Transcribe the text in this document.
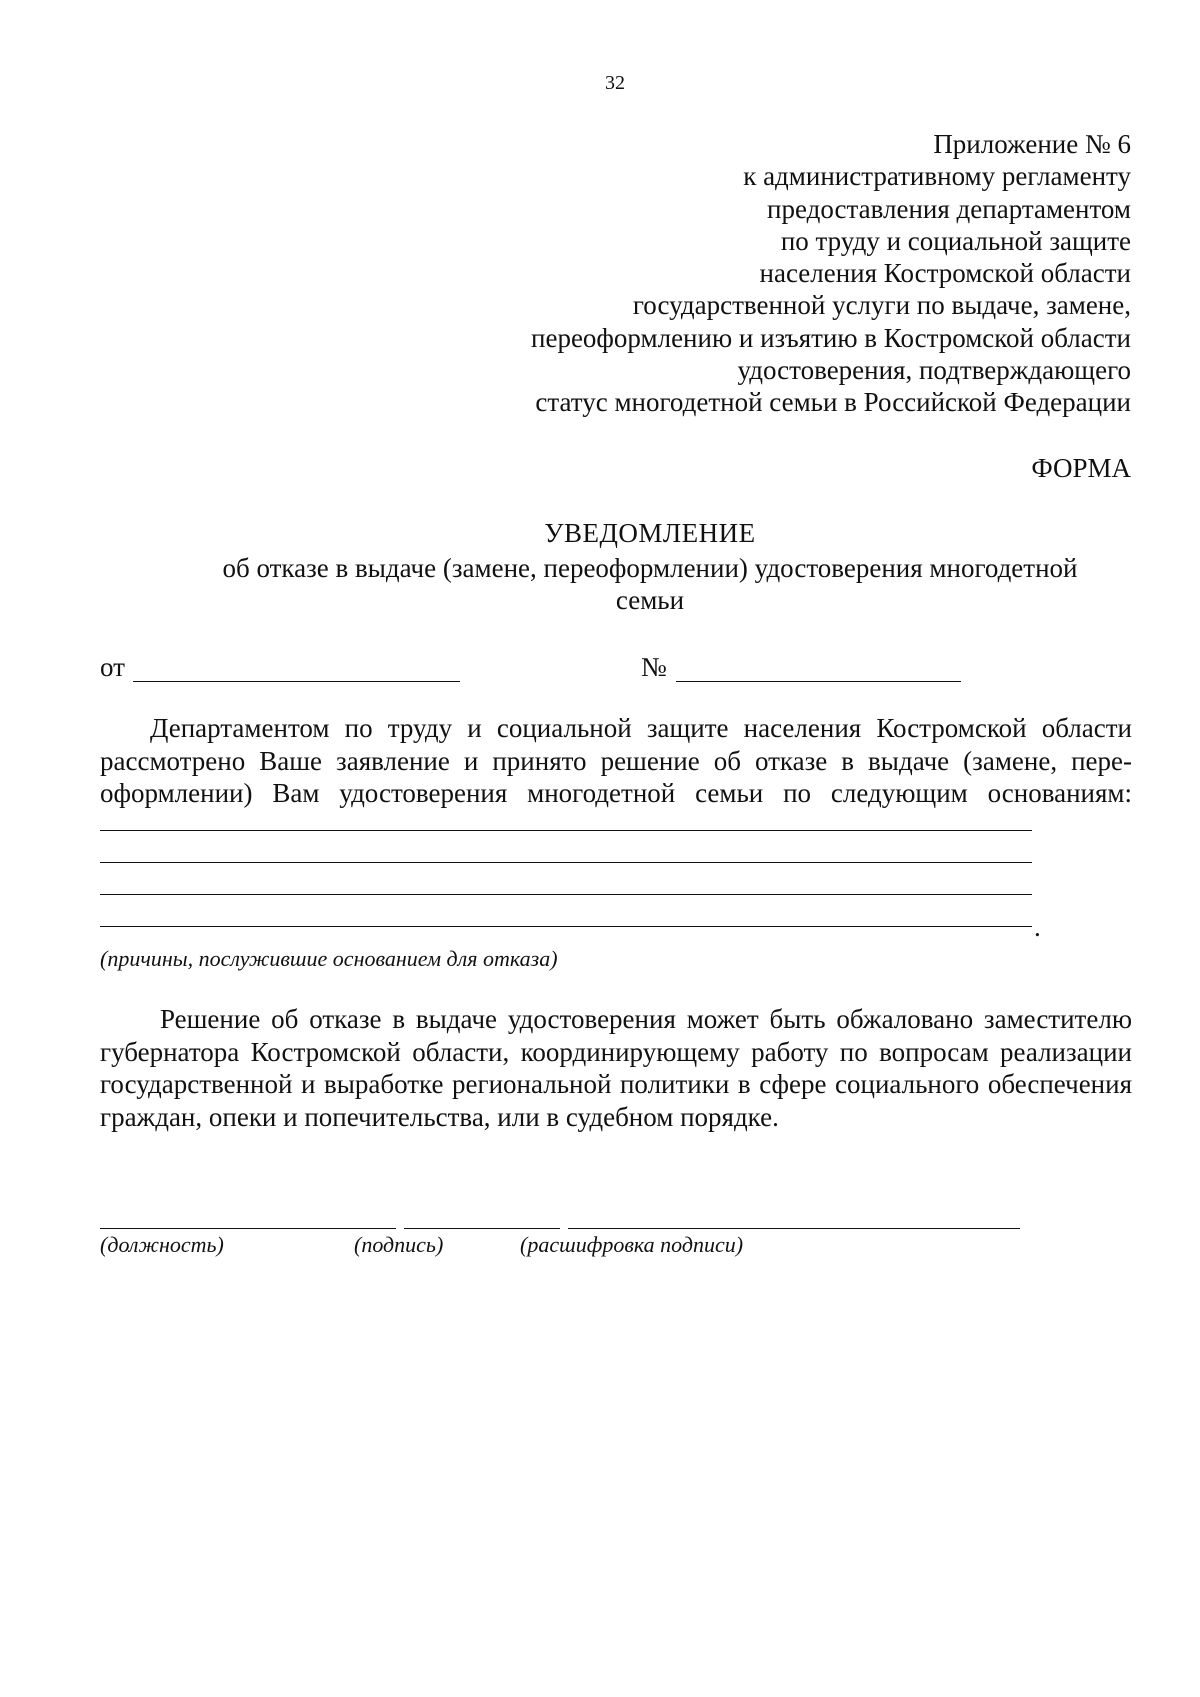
32
Приложение № 6
к административному регламенту
предоставления департаментом
по труду и социальной защите
населения Костромской области
государственной услуги по выдаче, замене,
переоформлению и изъятию в Костромской области
удостоверения, подтверждающего
статус многодетной семьи в Российской Федерации
ФОРМА
УВЕДОМЛЕНИЕ
об отказе в выдаче (замене, переоформлении) удостоверения многодетной семьи
от	№
Департаментом по труду и социальной защите населения Костромской области рассмотрено Ваше заявление и принято решение об отказе в выдаче (замене, пере-оформлении) Вам удостоверения многодетной семьи по следующим основаниям:
.
(причины, послужившие основанием для отказа)
Решение об отказе в выдаче удостоверения может быть обжаловано заместителю губернатора Костромской области, координирующему работу по вопросам реализации государственной и выработке региональной политики в сфере социального обеспечения граждан, опеки и попечительства, или в судебном порядке.
(должность)	(подпись)	(расшифровка подписи)
